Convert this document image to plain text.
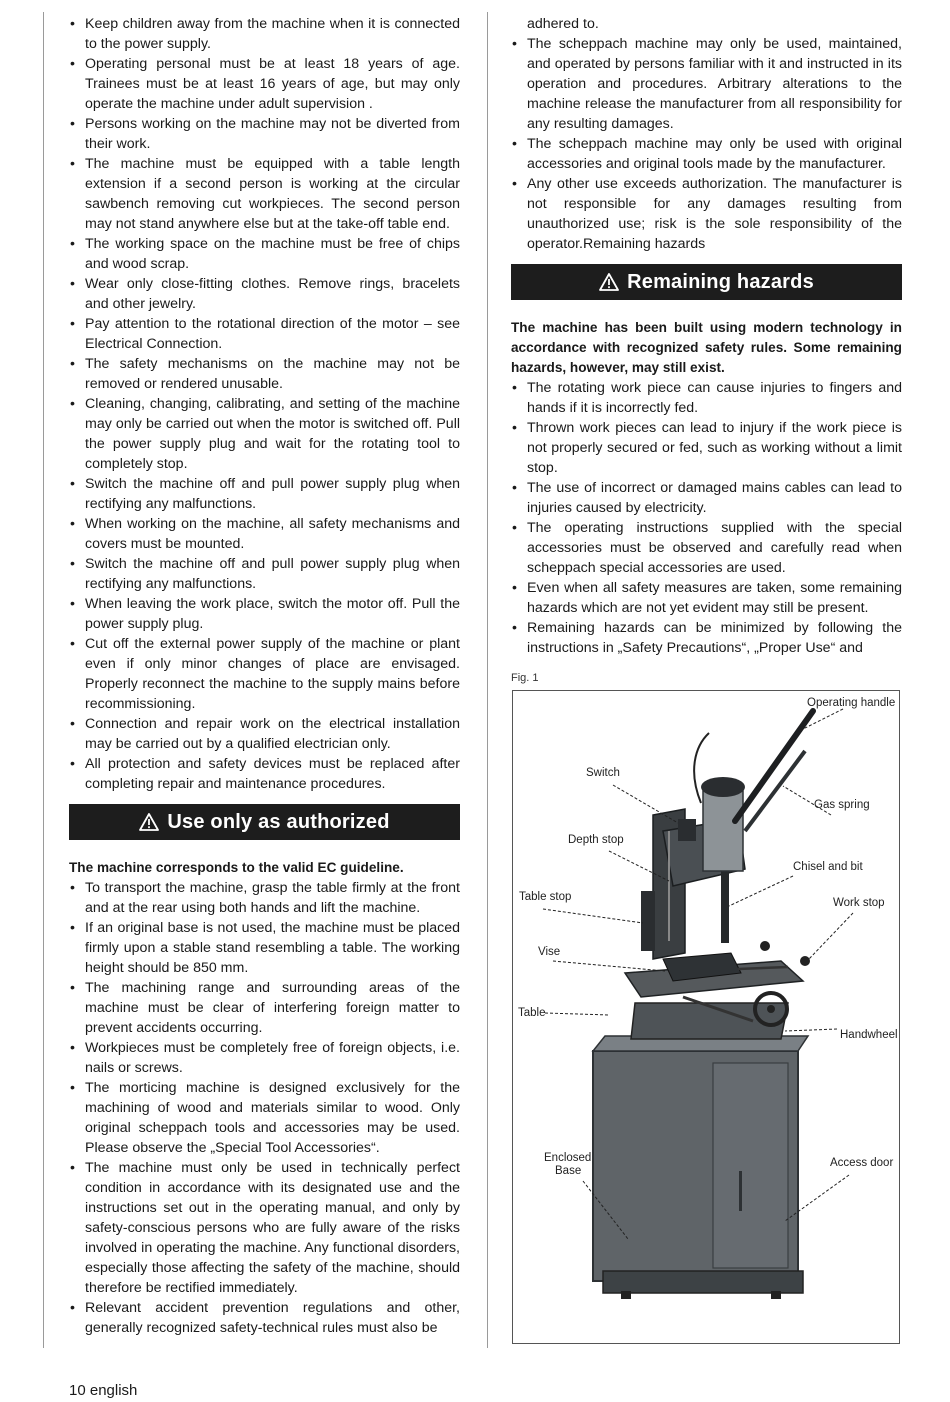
• Keep children away from the machine when it is connected to the power supply.
• Operating personal must be at least 18 years of age. Trainees must be at least 16 years of age, but may only operate the machine under adult supervision .
• Persons working on the machine may not be diverted from their work.
• The machine must be equipped with a table length extension if a second person is working at the circular sawbench removing cut workpieces. The second person may not stand anywhere else but at the take-off table end.
• The working space on the machine must be free of chips and wood scrap.
• Wear only close-fitting clothes. Remove rings, bracelets and other jewelry.
• Pay attention to the rotational direction of the motor – see Electrical Connection.
• The safety mechanisms on the machine may not be removed or rendered unusable.
• Cleaning, changing, calibrating, and setting of the machine may only be carried out when the motor is switched off. Pull the power supply plug and wait for the rotating tool to completely stop.
• Switch the machine off and pull power supply plug when rectifying any malfunctions.
• When working on the machine, all safety mechanisms and covers must be mounted.
• Switch the machine off and pull power supply plug when rectifying any malfunctions.
• When leaving the work place, switch the motor off. Pull the power supply plug.
• Cut off the external power supply of the machine or plant even if only minor changes of place are envisaged. Properly reconnect the machine to the supply mains before recommissioning.
• Connection and repair work on the electrical installation may be carried out by a qualified electrician only.
• All protection and safety devices must be replaced after completing repair and maintenance procedures.
Use only as authorized
The machine corresponds to the valid EC guideline.
• To transport the machine, grasp the table firmly at the front and at the rear using both hands and lift the machine.
• If an original base is not used, the machine must be placed firmly upon a stable stand resembling a table. The working height should be 850 mm.
• The machining range and surrounding areas of the machine must be clear of interfering foreign matter to prevent accidents occurring.
• Workpieces must be completely free of foreign objects, i.e. nails or screws.
• The morticing machine is designed exclusively for the machining of wood and materials similar to wood. Only original scheppach tools and accessories may be used. Please observe the „Special Tool Accessories“.
• The machine must only be used in technically perfect condition in accordance with its designated use and the instructions set out in the operating manual, and only by safety-conscious persons who are fully aware of the risks involved in operating the machine. Any functional disorders, especially those affecting the safety of the machine, should therefore be rectified immediately.
• Relevant accident prevention regulations and other, generally recognized safety-technical rules must also be
adhered to.
• The scheppach machine may only be used, maintained, and operated by persons familiar with it and instructed in its operation and procedures. Arbitrary alterations to the machine release the manufacturer from all responsibility for any resulting damages.
• The scheppach machine may only be used with original accessories and original tools made by the manufacturer.
• Any other use exceeds authorization. The manufacturer is not responsible for any damages resulting from unauthorized use; risk is the sole responsibility of the operator.Remaining hazards
Remaining hazards
The machine has been built using modern technology in accordance with recognized safety rules. Some remaining hazards, however, may still exist.
• The rotating work piece can cause injuries to fingers and hands if it is incorrectly fed.
• Thrown work pieces can lead to injury if the work piece is not properly secured or fed, such as working without a limit stop.
• The use of incorrect or damaged mains cables can lead to injuries caused by electricity.
• The operating instructions supplied with the special accessories must be observed and carefully read when scheppach special accessories are used.
• Even when all safety measures are taken, some remaining hazards which are not yet evident may still be present.
• Remaining hazards can be minimized by following the instructions in „Safety Precautions“, „Proper Use“ and
Fig. 1
Operating handle
Switch
Gas spring
Depth stop
Chisel and bit
Table stop	Work stop
Vise
Table
Handwheel
Enclosed
Base
Access door
10 english
